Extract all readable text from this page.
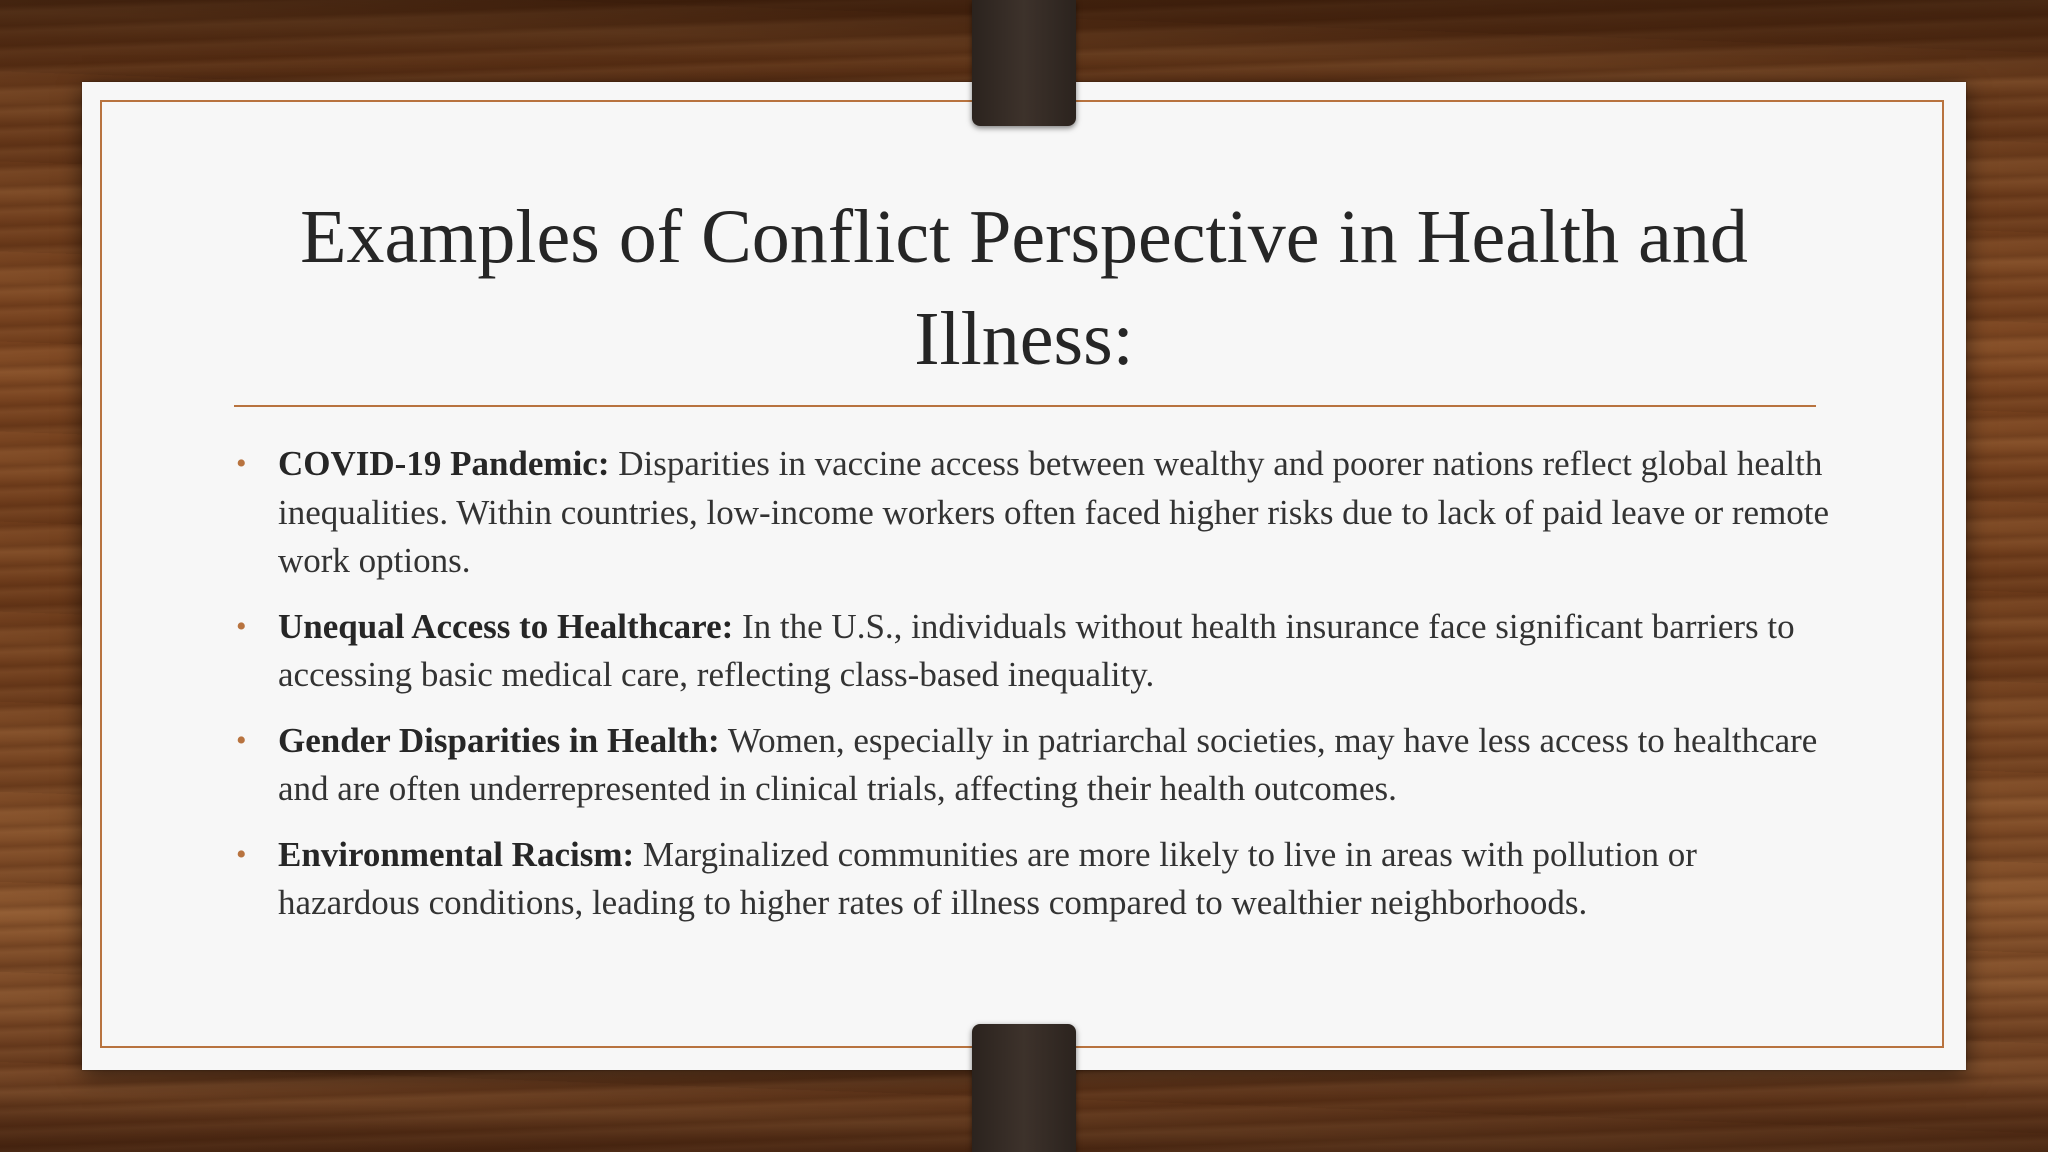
Examples of Conflict Perspective in Health and Illness:
• COVID-19 Pandemic: Disparities in vaccine access between wealthy and poorer nations reflect global health inequalities. Within countries, low-income workers often faced higher risks due to lack of paid leave or remote work options.
• Unequal Access to Healthcare: In the U.S., individuals without health insurance face significant barriers to accessing basic medical care, reflecting class-based inequality.
• Gender Disparities in Health: Women, especially in patriarchal societies, may have less access to healthcare and are often underrepresented in clinical trials, affecting their health outcomes.
• Environmental Racism: Marginalized communities are more likely to live in areas with pollution or hazardous conditions, leading to higher rates of illness compared to wealthier neighborhoods.
